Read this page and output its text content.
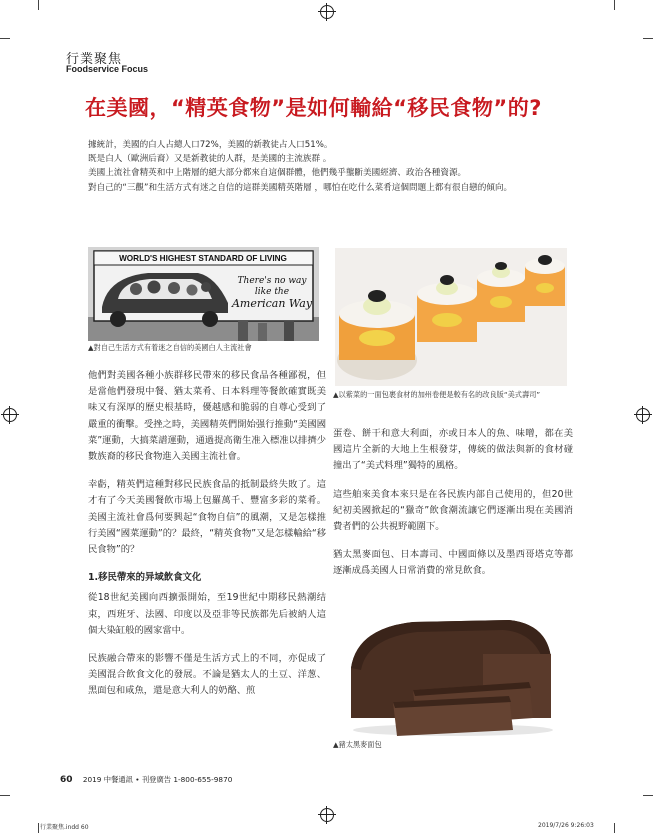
行業聚焦
Foodservice Focus
在美國，“精英食物”是如何輸給“移民食物”的?

據統計，美國的白人占總人口72%，美國的新教徒占人口51%。

既是白人（歐洲后裔）又是新教徒的人群，是美國的主流族群 。

美國上流社會精英和中上階層的絕大部分都來自這個群體，他們幾乎壟斷美國經濟、政治各種資源。

對自己的“三觀”和生活方式有迷之自信的這群美國精英階層 ，哪怕在吃什么菜肴這個問題上都有很自戀的傾向。

WORLD'S HIGHEST STANDARD OF LIVING
There's no way
like the
American Way
▲對自己生活方式有着迷之自信的美國白人主流社會
▲以紫菜的一面包裹食材的加州卷便是較有名的改良版“美式壽司”

他們對美國各種小族群移民帶來的移民食品各種鄙視，但是當他們發現中餐、猶太菜肴、日本料理等餐飲確實既美味又有深厚的歷史根基時，優越感和脆弱的自尊心受到了嚴重的衝擊。受挫之時，美國精英們開始强行推動“美國國菜”運動，大搞菜譜運動，通過提高衛生准入標准以排擠少數族裔的移民食物進入美國主流社會。

幸虧，精英們這種對移民民族食品的抵制最終失敗了。這才有了今天美國餐飲市場上包羅萬千、豐富多彩的菜肴。美國主流社會爲何要興起“食物自信”的風潮，又是怎樣推行美國“國菜運動”的？最終，“精英食物”又是怎樣輸給“移民食物”的？

1.移民帶來的异域飲食文化

從18世紀美國向西擴張開始，至19世紀中期移民熱潮结束，西班牙、法國、印度以及亞非等民族都先后被納人這個大染缸般的國家當中。

民族融合帶來的影響不僅是生活方式上的不同，亦促成了美國混合飲食文化的發展。不論是猶太人的土豆、洋葱、黑面包和咸魚，還是意大利人的奶酪、煎

蛋卷、餅干和意大利面，亦或日本人的魚、味噌，都在美國這片全新的大地上生根發芽，傳統的做法與新的食材碰撞出了“美式料理”獨特的風格。

這些舶來美食本來只是在各民族内部自己使用的，但20世紀初美國掀起的“獵奇”飲食潮流讓它們逐漸出現在美國消費者們的公共視野範圍下。

猶太黑麥面包、日本壽司、中國面條以及墨西哥塔克等都逐漸成爲美國人日常消費的常見飲食。

▲豬太黑麥面包
60 2019 中餐通訊 • 刊登廣告 1-800-655-9870
行業聚焦.indd 60	2019/7/26 9:26:03
